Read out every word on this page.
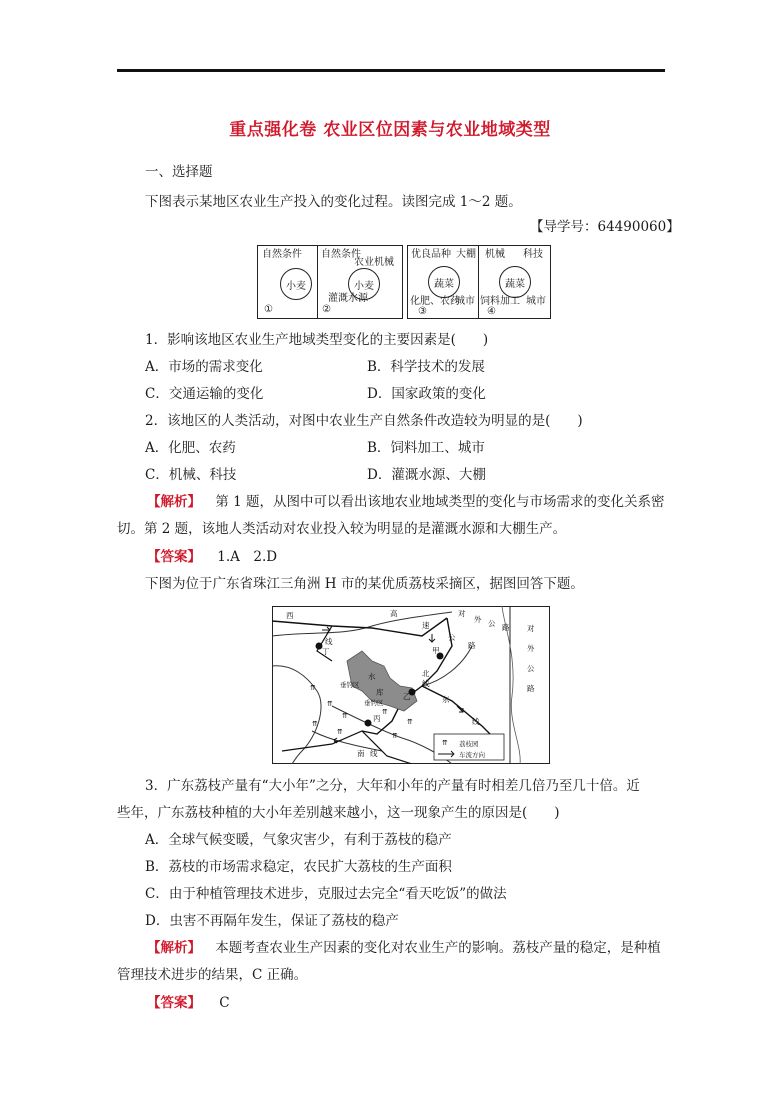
重点强化卷 农业区位因素与农业地域类型
一、选择题
下图表示某地区农业生产投入的变化过程。读图完成 1～2 题。
【导学号：64490060】
自然条件
小麦
①
自然条件
农业机械
小麦
灌溉水源
②
优良品种 大棚
蔬菜
化肥、农药
城市
③
机械 科技
蔬菜
饲料加工 城市
④
1．影响该地区农业生产地域类型变化的主要因素是(　　)
A．市场的需求变化	B．科学技术的发展
C．交通运输的变化	D．国家政策的变化
2．该地区的人类活动，对图中农业生产自然条件改造较为明显的是(　　)
A．化肥、农药	B．饲料加工、城市
C．机械、科技	D．灌溉水源、大棚
【解析】 第 1 题，从图中可以看出该地农业地域类型的变化与市场需求的变化关系密
切。第 2 题，该地人类活动对农业投入较为明显的是灌溉水源和大棚生产。
【答案】 1.A　2.D
下图为位于广东省珠江三角洲 H 市的某优质荔枝采摘区，据图回答下题。
⇈
⇈
⇈
⇈
⇈
⇈
⇈
⇈
⇈
西
线
高
速
公
路
对
外 公 路
北
线
东
线
南 线
对
外
公
路
丁	甲
乙
丙
垂钓区
垂钓区
水
库
荔枝园
车流方向
3．广东荔枝产量有“大小年”之分，大年和小年的产量有时相差几倍乃至几十倍。近
些年，广东荔枝种植的大小年差别越来越小，这一现象产生的原因是(　　)
A．全球气候变暖，气象灾害少，有利于荔枝的稳产
B．荔枝的市场需求稳定，农民扩大荔枝的生产面积
C．由于种植管理技术进步，克服过去完全“看天吃饭”的做法
D．虫害不再隔年发生，保证了荔枝的稳产
【解析】 本题考查农业生产因素的变化对农业生产的影响。荔枝产量的稳定，是种植
管理技术进步的结果，C 正确。
【答案】 C
